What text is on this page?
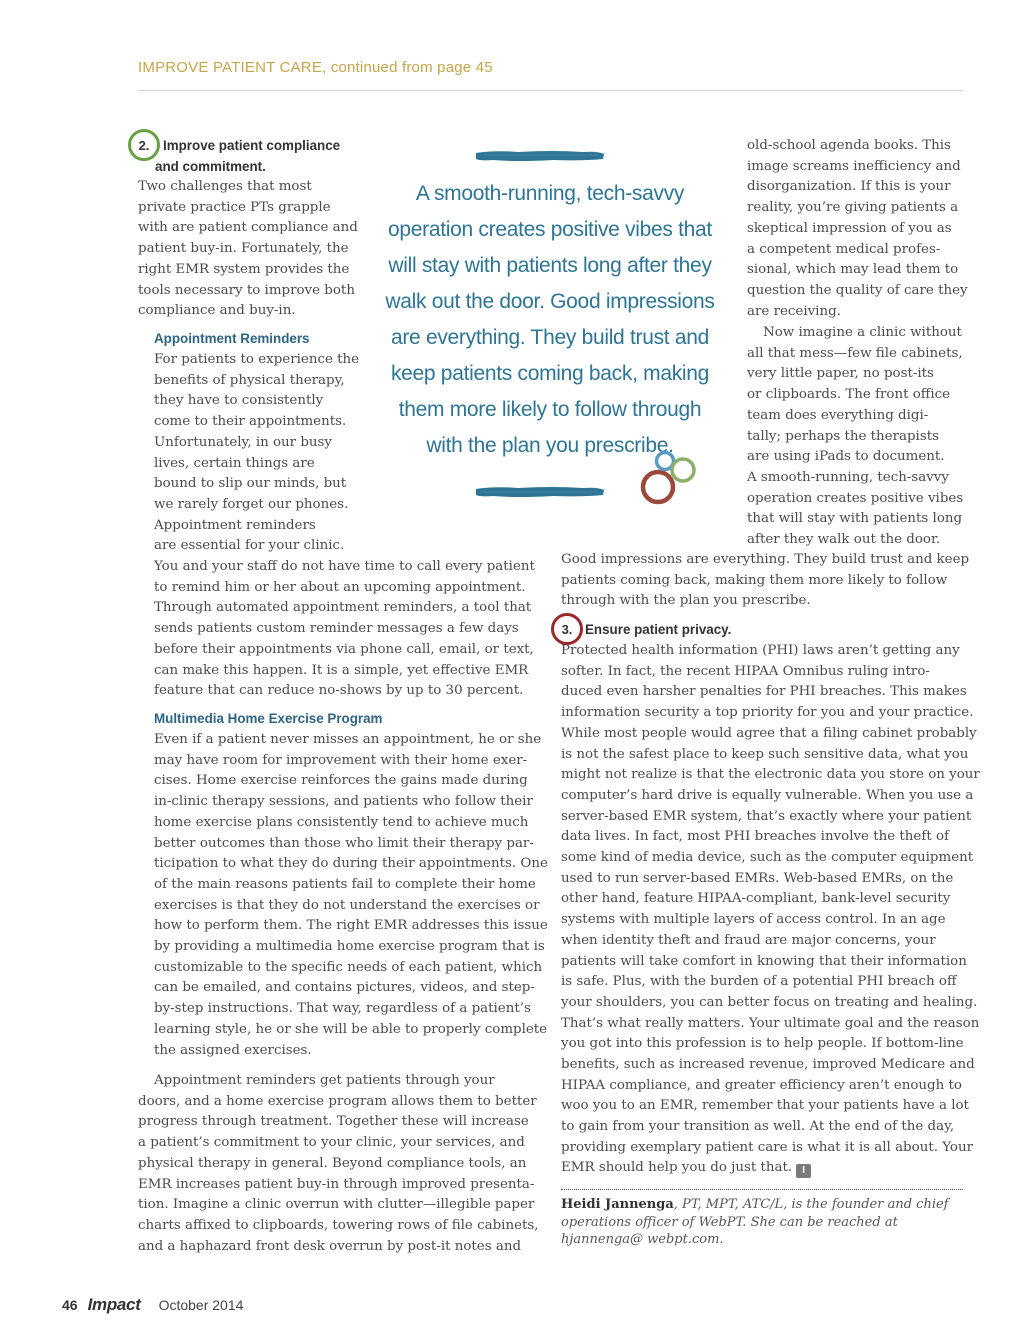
IMPROVE PATIENT CARE, continued from page 45
2. Improve patient compliance
and commitment.
Two challenges that most
private practice PTs grapple
with are patient compliance and
patient buy-in. Fortunately, the
right EMR system provides the
tools necessary to improve both
compliance and buy-in.
Appointment Reminders
For patients to experience the
benefits of physical therapy,
they have to consistently
come to their appointments.
Unfortunately, in our busy
lives, certain things are
bound to slip our minds, but
we rarely forget our phones.
Appointment reminders
are essential for your clinic.
You and your staff do not have time to call every patient
to remind him or her about an upcoming appointment.
Through automated appointment reminders, a tool that
sends patients custom reminder messages a few days
before their appointments via phone call, email, or text,
can make this happen. It is a simple, yet effective EMR
feature that can reduce no-shows by up to 30 percent.
Multimedia Home Exercise Program
Even if a patient never misses an appointment, he or she
may have room for improvement with their home exer-
cises. Home exercise reinforces the gains made during
in-clinic therapy sessions, and patients who follow their
home exercise plans consistently tend to achieve much
better outcomes than those who limit their therapy par-
ticipation to what they do during their appointments. One
of the main reasons patients fail to complete their home
exercises is that they do not understand the exercises or
how to perform them. The right EMR addresses this issue
by providing a multimedia home exercise program that is
customizable to the specific needs of each patient, which
can be emailed, and contains pictures, videos, and step-
by-step instructions. That way, regardless of a patient’s
learning style, he or she will be able to properly complete
the assigned exercises.
Appointment reminders get patients through your
doors, and a home exercise program allows them to better
progress through treatment. Together these will increase
a patient’s commitment to your clinic, your services, and
physical therapy in general. Beyond compliance tools, an
EMR increases patient buy-in through improved presenta-
tion. Imagine a clinic overrun with clutter—illegible paper
charts affixed to clipboards, towering rows of file cabinets,
and a haphazard front desk overrun by post-it notes and
A smooth-running, tech-savvy
operation creates positive vibes that
will stay with patients long after they
walk out the door. Good impressions
are everything. They build trust and
keep patients coming back, making
them more likely to follow through
with the plan you prescribe.
old-school agenda books. This
image screams inefficiency and
disorganization. If this is your
reality, you’re giving patients a
skeptical impression of you as
a competent medical profes-
sional, which may lead them to
question the quality of care they
are receiving.
Now imagine a clinic without
all that mess—few file cabinets,
very little paper, no post-its
or clipboards. The front office
team does everything digi-
tally; perhaps the therapists
are using iPads to document.
A smooth-running, tech-savvy
operation creates positive vibes
that will stay with patients long
after they walk out the door.
Good impressions are everything. They build trust and keep
patients coming back, making them more likely to follow
through with the plan you prescribe.
3. Ensure patient privacy.
Protected health information (PHI) laws aren’t getting any
softer. In fact, the recent HIPAA Omnibus ruling intro-
duced even harsher penalties for PHI breaches. This makes
information security a top priority for you and your practice.
While most people would agree that a filing cabinet probably
is not the safest place to keep such sensitive data, what you
might not realize is that the electronic data you store on your
computer’s hard drive is equally vulnerable. When you use a
server-based EMR system, that’s exactly where your patient
data lives. In fact, most PHI breaches involve the theft of
some kind of media device, such as the computer equipment
used to run server-based EMRs. Web-based EMRs, on the
other hand, feature HIPAA-compliant, bank-level security
systems with multiple layers of access control. In an age
when identity theft and fraud are major concerns, your
patients will take comfort in knowing that their information
is safe. Plus, with the burden of a potential PHI breach off
your shoulders, you can better focus on treating and healing.
That’s what really matters. Your ultimate goal and the reason
you got into this profession is to help people. If bottom-line
benefits, such as increased revenue, improved Medicare and
HIPAA compliance, and greater efficiency aren’t enough to
woo you to an EMR, remember that your patients have a lot
to gain from your transition as well. At the end of the day,
providing exemplary patient care is what it is all about. Your
EMR should help you do just that. I
Heidi Jannenga, PT, MPT, ATC/L, is the founder and chief operations officer of WebPT. She can be reached at hjannenga@ webpt.com.
46 Impact October 2014
